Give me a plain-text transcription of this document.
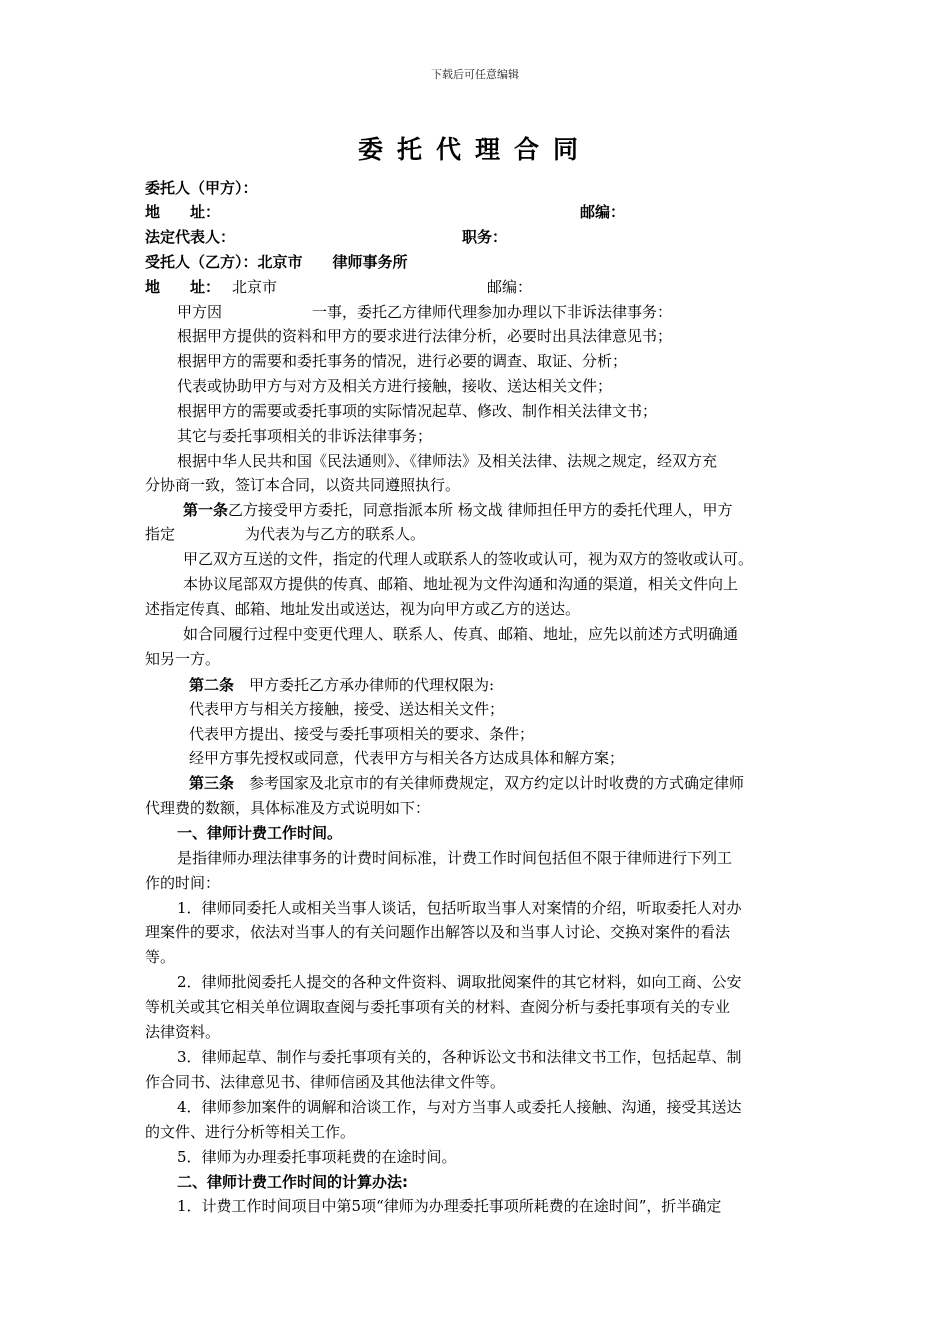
下载后可任意编辑
委托代理合同
委托人（甲方）：
地　　址：	邮编：
法定代表人：	职务：
受托人（乙方）：北京市　　律师事务所
地　　址： 北京市	邮编：
甲方因　　　　　　一事，委托乙方律师代理参加办理以下非诉法律事务：
根据甲方提供的资料和甲方的要求进行法律分析，必要时出具法律意见书；
根据甲方的需要和委托事务的情况，进行必要的调查、取证、分析；
代表或协助甲方与对方及相关方进行接触，接收、送达相关文件；
根据甲方的需要或委托事项的实际情况起草、修改、制作相关法律文书；
其它与委托事项相关的非诉法律事务；
根据中华人民共和国《民法通则》、《律师法》及相关法律、法规之规定，经双方充
分协商一致，签订本合同，以资共同遵照执行。
第一条乙方接受甲方委托，同意指派本所 杨文战 律师担任甲方的委托代理人，甲方
指定	为代表为与乙方的联系人。
甲乙双方互送的文件，指定的代理人或联系人的签收或认可，视为双方的签收或认可。
本协议尾部双方提供的传真、邮箱、地址视为文件沟通和沟通的渠道，相关文件向上
述指定传真、邮箱、地址发出或送达，视为向甲方或乙方的送达。
如合同履行过程中变更代理人、联系人、传真、邮箱、地址，应先以前述方式明确通
知另一方。
第二条　 甲方委托乙方承办律师的代理权限为:
代表甲方与相关方接触，接受、送达相关文件；
代表甲方提出、接受与委托事项相关的要求、条件；
经甲方事先授权或同意，代表甲方与相关各方达成具体和解方案；
第三条　 参考国家及北京市的有关律师费规定，双方约定以计时收费的方式确定律师
代理费的数额，具体标准及方式说明如下：
一、律师计费工作时间。
是指律师办理法律事务的计费时间标准，计费工作时间包括但不限于律师进行下列工
作的时间：
1．律师同委托人或相关当事人谈话，包括听取当事人对案情的介绍，听取委托人对办
理案件的要求，依法对当事人的有关问题作出解答以及和当事人讨论、交换对案件的看法
等。
2．律师批阅委托人提交的各种文件资料、调取批阅案件的其它材料，如向工商、公安
等机关或其它相关单位调取查阅与委托事项有关的材料、查阅分析与委托事项有关的专业
法律资料。
3．律师起草、制作与委托事项有关的，各种诉讼文书和法律文书工作，包括起草、制
作合同书、法律意见书、律师信函及其他法律文件等。
4．律师参加案件的调解和洽谈工作，与对方当事人或委托人接触、沟通，接受其送达
的文件、进行分析等相关工作。
5．律师为办理委托事项耗费的在途时间。
二、律师计费工作时间的计算办法:
1．计费工作时间项目中第5项“律师为办理委托事项所耗费的在途时间”，折半确定
